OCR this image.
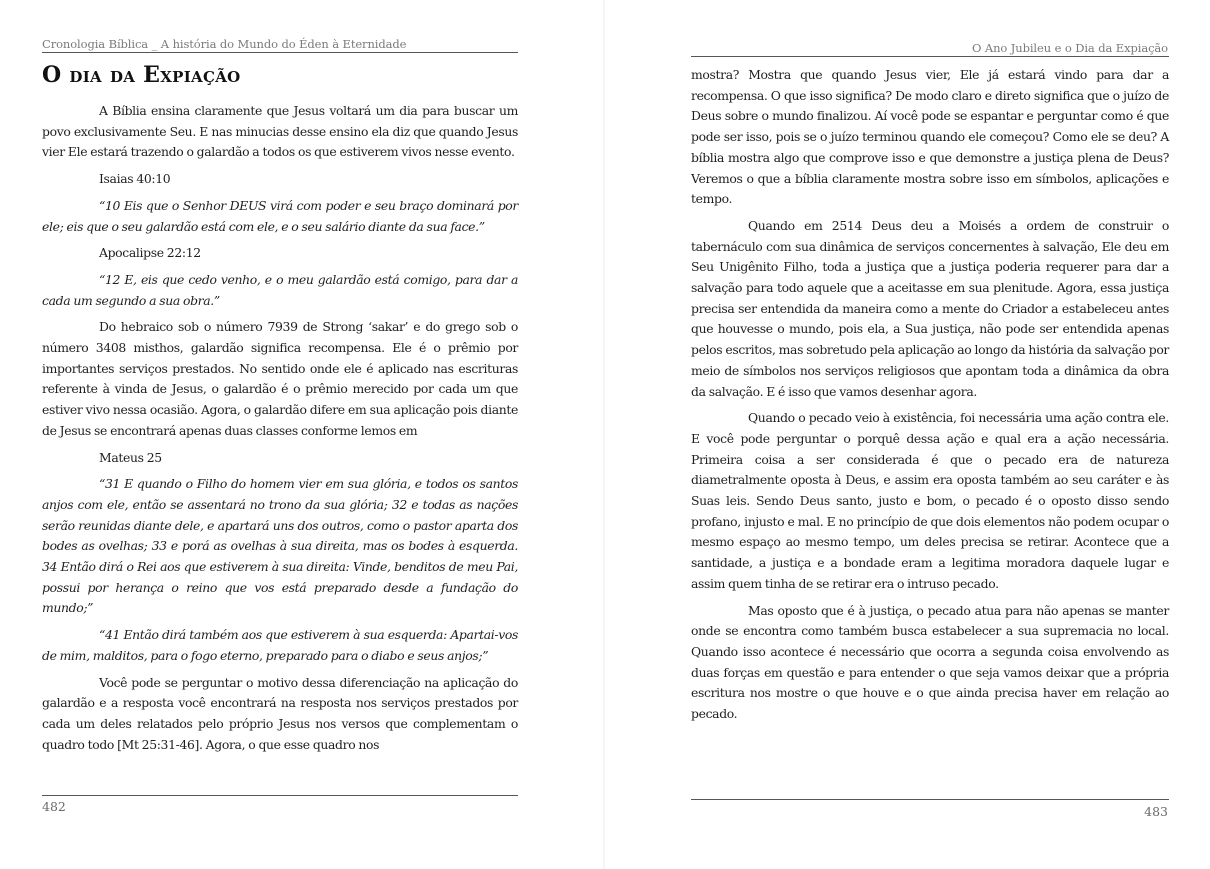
Cronologia Bíblica _ A história do Mundo do Éden à Eternidade
O dia da Expiação

A Bíblia ensina claramente que Jesus voltará um dia para buscar um povo exclusivamente Seu. E nas minucias desse ensino ela diz que quando Jesus vier Ele estará trazendo o galardão a todos os que estiverem vivos nesse evento.

Isaias 40:10

“10 Eis que o Senhor DEUS virá com poder e seu braço dominará por ele; eis que o seu galardão está com ele, e o seu salário diante da sua face.”

Apocalipse 22:12

“12 E, eis que cedo venho, e o meu galardão está comigo, para dar a cada um segundo a sua obra.”

Do hebraico sob o número 7939 de Strong ‘sakar’ e do grego sob o número 3408 misthos, galardão significa recompensa. Ele é o prêmio por importantes serviços prestados. No sentido onde ele é aplicado nas escrituras referente à vinda de Jesus, o galardão é o prêmio merecido por cada um que estiver vivo nessa ocasião. Agora, o galardão difere em sua aplicação pois diante de Jesus se encontrará apenas duas classes conforme lemos em

Mateus 25

“31 E quando o Filho do homem vier em sua glória, e todos os santos anjos com ele, então se assentará no trono da sua glória; 32 e todas as nações serão reunidas diante dele, e apartará uns dos outros, como o pastor aparta dos bodes as ovelhas; 33 e porá as ovelhas à sua direita, mas os bodes à esquerda. 34 Então dirá o Rei aos que estiverem à sua direita: Vinde, benditos de meu Pai, possui por herança o reino que vos está preparado desde a fundação do mundo;”

“41 Então dirá também aos que estiverem à sua esquerda: Apartai-vos de mim, malditos, para o fogo eterno, preparado para o diabo e seus anjos;”

Você pode se perguntar o motivo dessa diferenciação na aplicação do galardão e a resposta você encontrará na resposta nos serviços prestados por cada um deles relatados pelo próprio Jesus nos versos que complementam o quadro todo [Mt 25:31-46]. Agora, o que esse quadro nos

482
O Ano Jubileu e o Dia da Expiação
483

mostra? Mostra que quando Jesus vier, Ele já estará vindo para dar a recompensa. O que isso significa? De modo claro e direto significa que o juízo de Deus sobre o mundo finalizou. Aí você pode se espantar e perguntar como é que pode ser isso, pois se o juízo terminou quando ele começou? Como ele se deu? A bíblia mostra algo que comprove isso e que demonstre a justiça plena de Deus? Veremos o que a bíblia claramente mostra sobre isso em símbolos, aplicações e tempo.

Quando em 2514 Deus deu a Moisés a ordem de construir o tabernáculo com sua dinâmica de serviços concernentes à salvação, Ele deu em Seu Unigênito Filho, toda a justiça que a justiça poderia requerer para dar a salvação para todo aquele que a aceitasse em sua plenitude. Agora, essa justiça precisa ser entendida da maneira como a mente do Criador a estabeleceu antes que houvesse o mundo, pois ela, a Sua justiça, não pode ser entendida apenas pelos escritos, mas sobretudo pela aplicação ao longo da história da salvação por meio de símbolos nos serviços religiosos que apontam toda a dinâmica da obra da salvação. E é isso que vamos desenhar agora.

Quando o pecado veio à existência, foi necessária uma ação contra ele. E você pode perguntar o porquê dessa ação e qual era a ação necessária. Primeira coisa a ser considerada é que o pecado era de natureza diametralmente oposta à Deus, e assim era oposta também ao seu caráter e às Suas leis. Sendo Deus santo, justo e bom, o pecado é o oposto disso sendo profano, injusto e mal. E no princípio de que dois elementos não podem ocupar o mesmo espaço ao mesmo tempo, um deles precisa se retirar. Acontece que a santidade, a justiça e a bondade eram a legitima moradora daquele lugar e assim quem tinha de se retirar era o intruso pecado.

Mas oposto que é à justiça, o pecado atua para não apenas se manter onde se encontra como também busca estabelecer a sua supremacia no local. Quando isso acontece é necessário que ocorra a segunda coisa envolvendo as duas forças em questão e para entender o que seja vamos deixar que a própria escritura nos mostre o que houve e o que ainda precisa haver em relação ao pecado.
